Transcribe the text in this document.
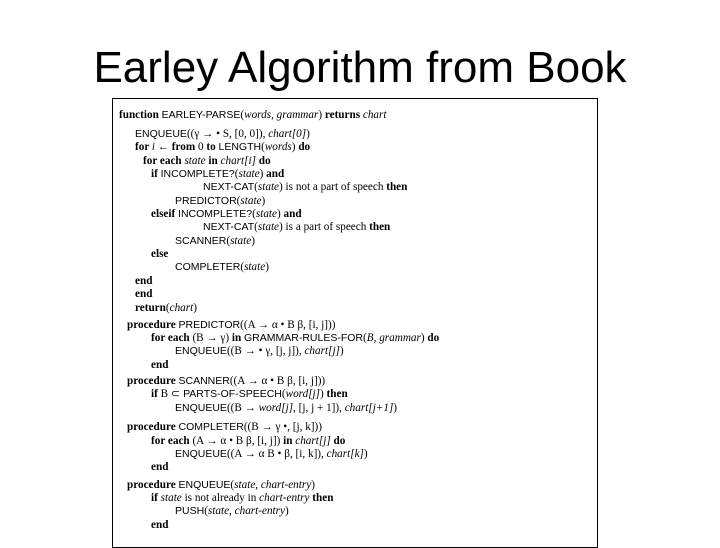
Earley Algorithm from Book
function EARLEY-PARSE(words, grammar) returns chart
ENQUEUE((γ → • S, [0, 0]), chart[0])
for i ← from 0 to LENGTH(words) do
for each state in chart[i] do
if INCOMPLETE?(state) and
NEXT-CAT(state) is not a part of speech then
PREDICTOR(state)
elseif INCOMPLETE?(state) and
NEXT-CAT(state) is a part of speech then
SCANNER(state)
else
COMPLETER(state)
end
end
return(chart)
procedure PREDICTOR((A → α • B β, [i, j]))
for each (B → γ) in GRAMMAR-RULES-FOR(B, grammar) do
ENQUEUE((B → • γ, [j, j]), chart[j])
end
procedure SCANNER((A → α • B β, [i, j]))
if B ⊂ PARTS-OF-SPEECH(word[j]) then
ENQUEUE((B → word[j], [j, j + 1]), chart[j+1])
procedure COMPLETER((B → γ •, [j, k]))
for each (A → α • B β, [i, j]) in chart[j] do
ENQUEUE((A → α B • β, [i, k]), chart[k])
end
procedure ENQUEUE(state, chart-entry)
if state is not already in chart-entry then
PUSH(state, chart-entry)
end
